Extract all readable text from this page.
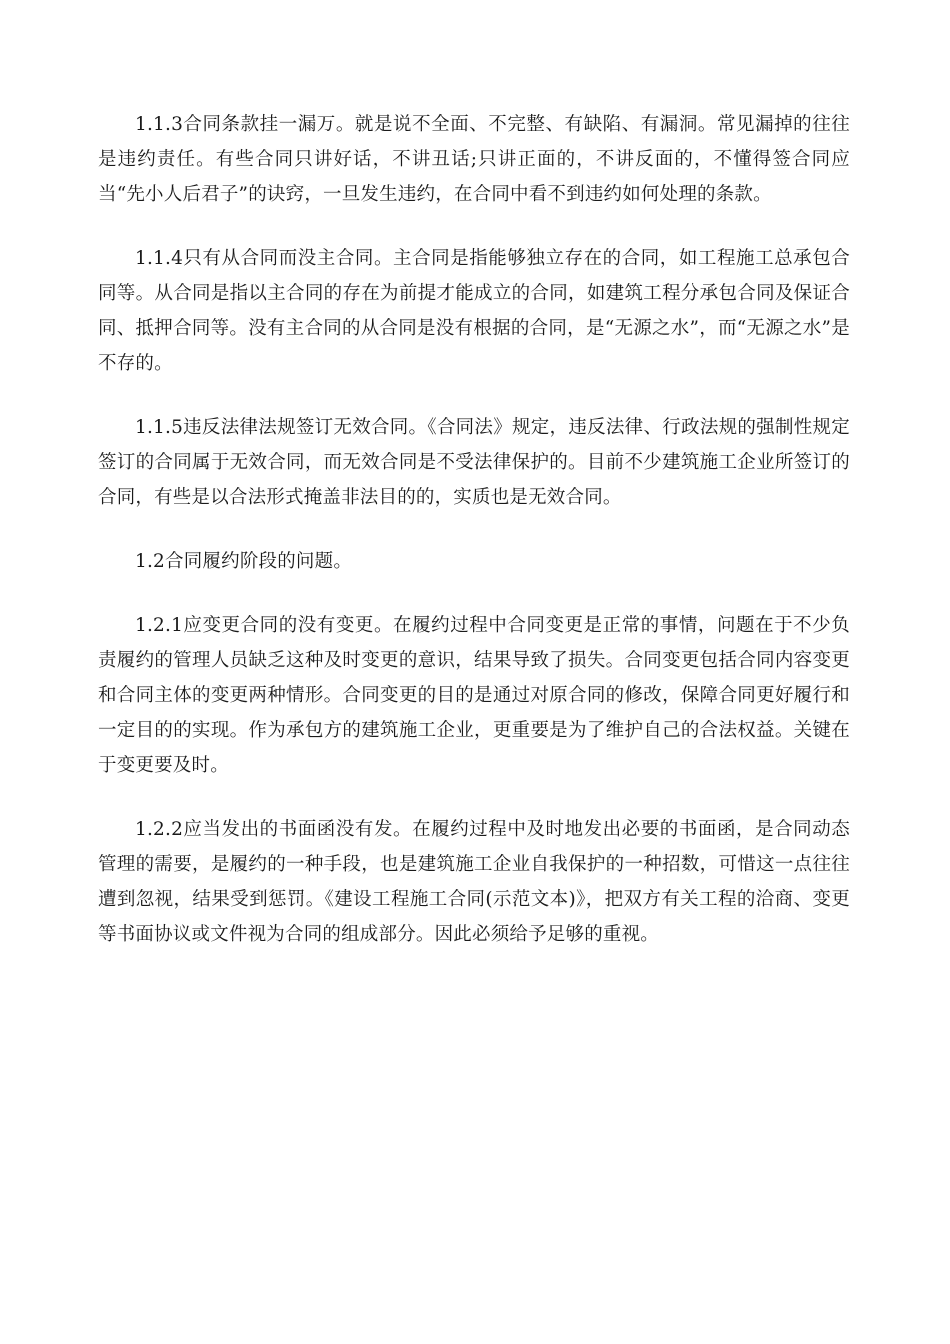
1.1.3合同条款挂一漏万。就是说不全面、不完整、有缺陷、有漏洞。常见漏掉的往往是违约责任。有些合同只讲好话，不讲丑话;只讲正面的，不讲反面的，不懂得签合同应当“先小人后君子”的诀窍，一旦发生违约，在合同中看不到违约如何处理的条款。

1.1.4只有从合同而没主合同。主合同是指能够独立存在的合同，如工程施工总承包合同等。从合同是指以主合同的存在为前提才能成立的合同，如建筑工程分承包合同及保证合同、抵押合同等。没有主合同的从合同是没有根据的合同，是“无源之水”，而“无源之水”是不存的。

1.1.5违反法律法规签订无效合同。《合同法》规定，违反法律、行政法规的强制性规定签订的合同属于无效合同，而无效合同是不受法律保护的。目前不少建筑施工企业所签订的合同，有些是以合法形式掩盖非法目的的，实质也是无效合同。

1.2合同履约阶段的问题。

1.2.1应变更合同的没有变更。在履约过程中合同变更是正常的事情，问题在于不少负责履约的管理人员缺乏这种及时变更的意识，结果导致了损失。合同变更包括合同内容变更和合同主体的变更两种情形。合同变更的目的是通过对原合同的修改，保障合同更好履行和一定目的的实现。作为承包方的建筑施工企业，更重要是为了维护自己的合法权益。关键在于变更要及时。

1.2.2应当发出的书面函没有发。在履约过程中及时地发出必要的书面函，是合同动态管理的需要，是履约的一种手段，也是建筑施工企业自我保护的一种招数，可惜这一点往往遭到忽视，结果受到惩罚。《建设工程施工合同(示范文本)》，把双方有关工程的洽商、变更等书面协议或文件视为合同的组成部分。因此必须给予足够的重视。
